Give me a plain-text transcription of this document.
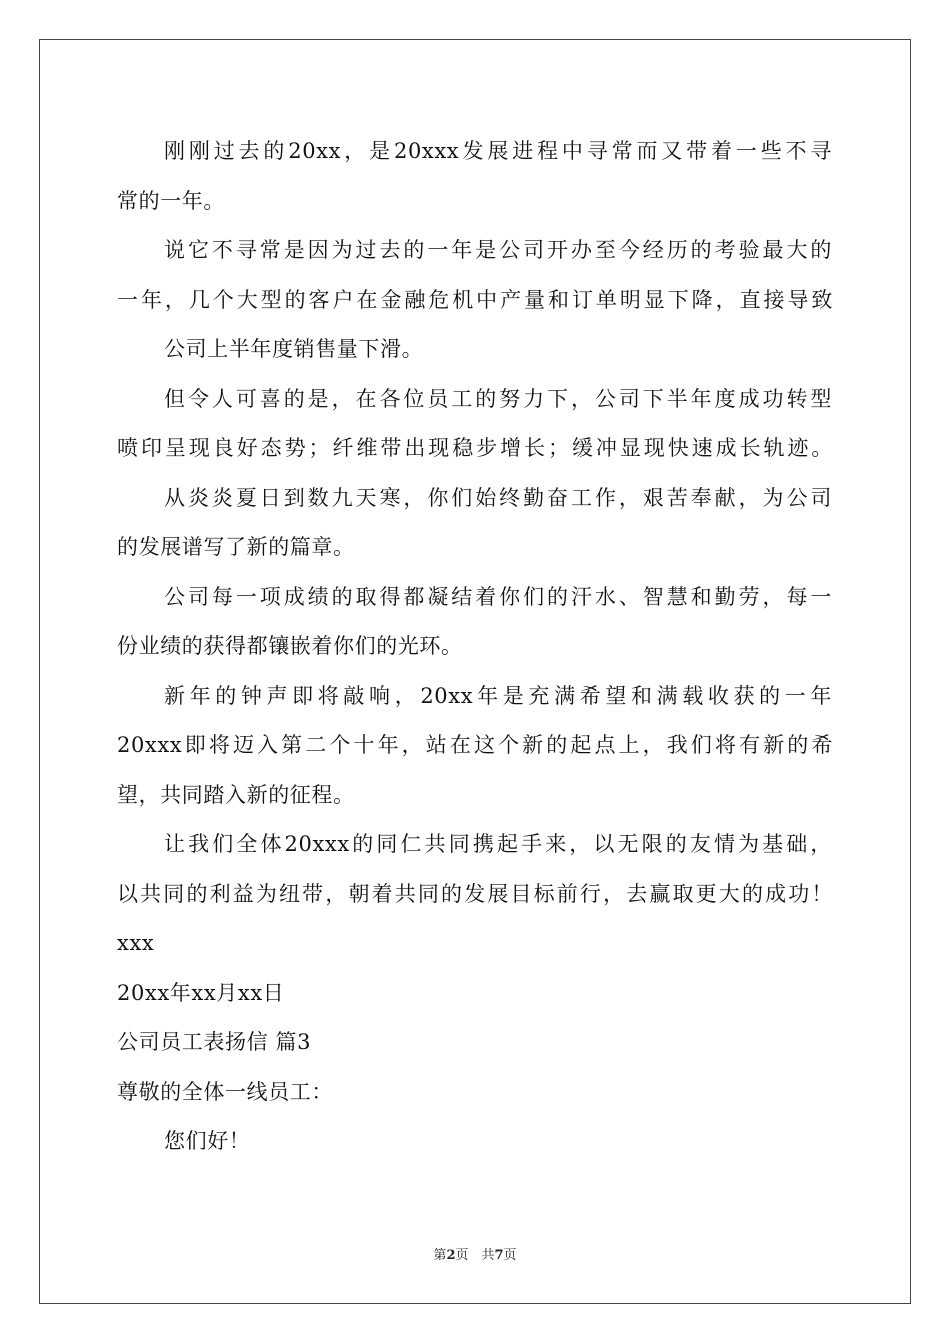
刚刚过去的20xx，是20xxx发展进程中寻常而又带着一些不寻
常的一年。
说它不寻常是因为过去的一年是公司开办至今经历的考验最大的
一年，几个大型的客户在金融危机中产量和订单明显下降，直接导致
公司上半年度销售量下滑。
但令人可喜的是，在各位员工的努力下，公司下半年度成功转型
喷印呈现良好态势；纤维带出现稳步增长；缓冲显现快速成长轨迹。
从炎炎夏日到数九天寒，你们始终勤奋工作，艰苦奉献，为公司
的发展谱写了新的篇章。
公司每一项成绩的取得都凝结着你们的汗水、智慧和勤劳，每一
份业绩的获得都镶嵌着你们的光环。
新年的钟声即将敲响，20xx年是充满希望和满载收获的一年
20xxx即将迈入第二个十年，站在这个新的起点上，我们将有新的希
望，共同踏入新的征程。
让我们全体20xxx的同仁共同携起手来，以无限的友情为基础，
以共同的利益为纽带，朝着共同的发展目标前行，去赢取更大的成功！
xxx
20xx年xx月xx日
公司员工表扬信 篇3
尊敬的全体一线员工：
您们好！
第2页　共7页
